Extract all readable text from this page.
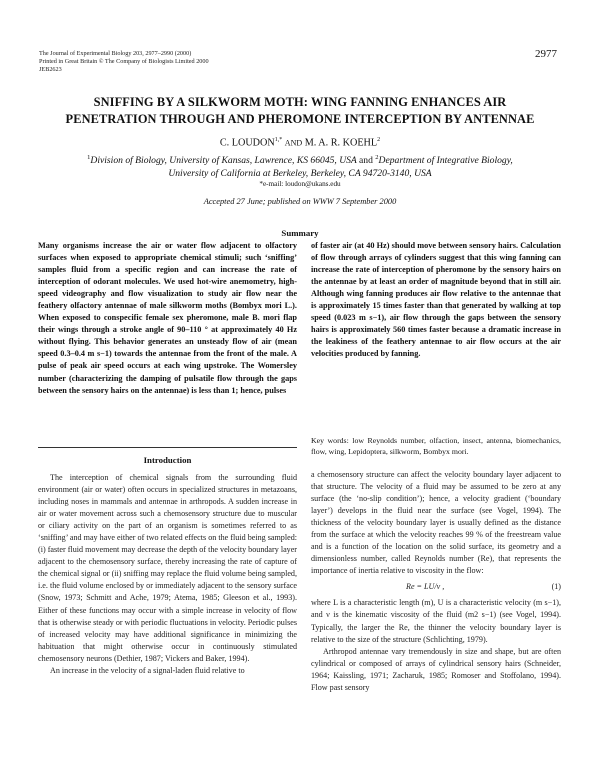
The Journal of Experimental Biology 203, 2977–2990 (2000)
Printed in Great Britain © The Company of Biologists Limited 2000
JEB2623
2977
SNIFFING BY A SILKWORM MOTH: WING FANNING ENHANCES AIR
PENETRATION THROUGH AND PHEROMONE INTERCEPTION BY ANTENNAE
C. $LOUDON^{1,*}$ AND M. A. R. KOEHL$^2$
$^1$Division of Biology, University of Kansas, Lawrence, KS 66045, USA and $^2$Department of Integrative Biology,
University of California at Berkeley, Berkeley, CA 94720-3140, USA
*e-mail: loudon@ukans.edu
Accepted 27 June; published on WWW 7 September 2000
Summary

Many organisms increase the air or water flow adjacent to olfactory surfaces when exposed to appropriate chemical stimuli; such ‘sniffing’ samples fluid from a specific region and can increase the rate of interception of odorant molecules. We used hot-wire anemometry, high-speed videography and flow visualization to study air flow near the feathery olfactory antennae of male silkworm moths (Bombyx mori L.). When exposed to conspecific female sex pheromone, male B. mori flap their wings through a stroke angle of 90–110 ° at approximately 40 Hz without flying. This behavior generates an unsteady flow of air (mean speed 0.3–0.4 m s−1) towards the antennae from the front of the male. A pulse of peak air speed occurs at each wing upstroke. The Womersley number (characterizing the damping of pulsatile flow through the gaps between the sensory hairs on the antennae) is less than 1; hence, pulses

of faster air (at 40 Hz) should move between sensory hairs. Calculation of flow through arrays of cylinders suggest that this wing fanning can increase the rate of interception of pheromone by the sensory hairs on the antennae by at least an order of magnitude beyond that in still air. Although wing fanning produces air flow relative to the antennae that is approximately 15 times faster than that generated by walking at top speed (0.023 m s−1), air flow through the gaps between the sensory hairs is approximately 560 times faster because a dramatic increase in the leakiness of the feathery antennae to air flow occurs at the air velocities produced by fanning.

Key words: low Reynolds number, olfaction, insect, antenna, biomechanics, flow, wing, Lepidoptera, silkworm, Bombyx mori.
Introduction

The interception of chemical signals from the surrounding fluid environment (air or water) often occurs in specialized structures in metazoans, including noses in mammals and antennae in arthropods. A sudden increase in air or water movement across such a chemosensory structure due to muscular or ciliary activity on the part of an organism is sometimes referred to as ‘sniffing’ and may have either of two related effects on the fluid being sampled: (i) faster fluid movement may decrease the depth of the velocity boundary layer adjacent to the chemosensory surface, thereby increasing the rate of capture of the chemical signal or (ii) sniffing may replace the fluid volume being sampled, i.e. the fluid volume enclosed by or immediately adjacent to the sensory surface (Snow, 1973; Schmitt and Ache, 1979; Atema, 1985; Gleeson et al., 1993). Either of these functions may occur with a simple increase in velocity of flow that is otherwise steady or with periodic fluctuations in velocity. Periodic pulses of increased velocity may have additional significance in minimizing the habituation that might otherwise occur in continuously stimulated chemosensory neurons (Dethier, 1987; Vickers and Baker, 1994).

An increase in the velocity of a signal-laden fluid relative to

a chemosensory structure can affect the velocity boundary layer adjacent to that structure. The velocity of a fluid may be assumed to be zero at any surface (the ‘no-slip condition’); hence, a velocity gradient (‘boundary layer’) develops in the fluid near the surface (see Vogel, 1994). The thickness of the velocity boundary layer is usually defined as the distance from the surface at which the velocity reaches 99 % of the freestream value and is a function of the location on the solid surface, its geometry and a dimensionless number, called Reynolds number (Re), that represents the importance of inertia relative to viscosity in the flow:

Re = LU/ν ,	(1)

where L is a characteristic length (m), U is a characteristic velocity (m s−1), and ν is the kinematic viscosity of the fluid (m2 s−1) (see Vogel, 1994). Typically, the larger the Re, the thinner the velocity boundary layer is relative to the size of the structure (Schlichting, 1979).

Arthropod antennae vary tremendously in size and shape, but are often cylindrical or composed of arrays of cylindrical sensory hairs (Schneider, 1964; Kaissling, 1971; Zacharuk, 1985; Romoser and Stoffolano, 1994). Flow past sensory
